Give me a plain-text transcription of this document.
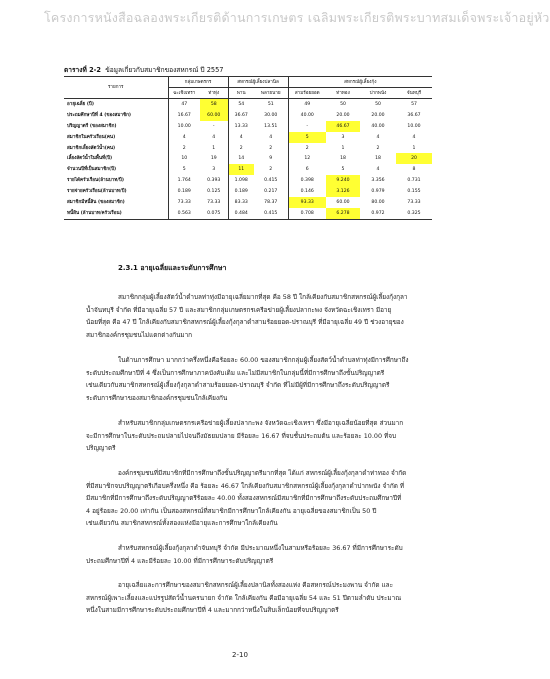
โครงการหนังสือฉลองพระเกียรติด้านการเกษตร เฉลิมพระเกียรติพระบาทสมเด็จพระเจ้าอยู่หัว
ตารางที่ 2-2 ข้อมูลเกี่ยวกับสมาชิกของสหกรณ์ ปี 2557
รายการ	กลุ่มเกษตรกร		สหกรณ์ผู้เลี้ยงปลานิล		สหกรณ์ผู้เลี้ยงกุ้ง			
	ฉะเชิงเทรา	ท่าทุ่ง	พาน	พลายนาย	สามร้อยยอด	ท่าทอง	ปากพนัง	จันทบุรี
อายุเฉลี่ย (ปี)	47	58	54	51	49	50	50	57
ประถมศึกษาปีที่ 4 (ของสมาชิก)	16.67	60.00	36.67	30.00	40.00	20.00	20.00	36.67
ปริญญาตรี (ของสมาชิก)	10.00	-	13.33	13.51	-	46.67	40.00	10.00
สมาชิกในครัวเรือน(คน)	4	4	4	4	5	3	4	4
สมาชิกเลี้ยงสัตว์น้ำ(คน)	2	1	2	2	2	1	2	1
เลี้ยงสัตว์น้ำในพื้นที่(ปี)	10	19	14	9	12	18	18	20
จำนวนปีที่เป็นสมาชิก(ปี)	5	3	11	2	6	5	4	8
รายได้ครัวเรือน(ล้านบาท/ปี)	1.764	0.393	1.098	0.415	0.398	9.240	3.356	0.731
รายจ่ายครัวเรือน(ล้านบาท/ปี)	0.189	0.125	0.189	0.217	0.146	3.126	0.979	0.155
สมาชิกมีหนี้สิน (ของสมาชิก)	73.33	73.33	83.33	78.37	93.33	60.00	80.00	73.33
หนี้สิน (ล้านบาท/ครัวเรือน)	0.563	0.075	0.484	0.415	0.708	6.278	0.972	0.325
2.3.1 อายุเฉลี่ยและระดับการศึกษา
สมาชิกกลุ่มผู้เลี้ยงสัตว์น้ำตำบลท่าทุ่งมีอายุเฉลี่ยมากที่สุด คือ 58 ปี ใกล้เคียงกับสมาชิกสหกรณ์ผู้เลี้ยงกุ้งกุลา
น้ำจันทบุรี จำกัด ที่มีอายุเฉลี่ย 57 ปี และสมาชิกกลุ่มเกษตรกรเครือข่ายผู้เลี้ยงปลากะพง จังหวัดฉะเชิงเทรา มีอายุ
น้อยที่สุด คือ 47 ปี ใกล้เคียงกับสมาชิกสหกรณ์ผู้เลี้ยงกุ้งกุลาดำสามร้อยยอด-ปราณบุรี ที่มีอายุเฉลี่ย 49 ปี ช่วงอายุของ
สมาชิกองค์กรชุมชนไม่แตกต่างกันมาก
ในด้านการศึกษา มากกว่าครึ่งหนึ่งคือร้อยละ 60.00 ของสมาชิกกลุ่มผู้เลี้ยงสัตว์น้ำตำบลท่าทุ่งมีการศึกษาถึง
ระดับประถมศึกษาปีที่ 4 ซึ่งเป็นการศึกษาภาคบังคับเดิม และไม่มีสมาชิกในกลุ่มนี้ที่มีการศึกษาถึงขั้นปริญญาตรี
เช่นเดียวกับสมาชิกสหกรณ์ผู้เลี้ยงกุ้งกุลาดำสามร้อยยอด-ปราณบุรี จำกัด ที่ไม่มีผู้ที่มีการศึกษาถึงระดับปริญญาตรี
ระดับการศึกษาของสมาชิกองค์กรชุมชนใกล้เคียงกัน
สำหรับสมาชิกกลุ่มเกษตรกรเครือข่ายผู้เลี้ยงปลากะพง จังหวัดฉะเชิงเทรา ซึ่งมีอายุเฉลี่ยน้อยที่สุด ส่วนมาก
จะมีการศึกษาในระดับประถมปลายไปจนถึงมัธยมปลาย มีร้อยละ 16.67 ที่จบชั้นประถมต้น และร้อยละ 10.00 ที่จบ
ปริญญาตรี
องค์กรชุมชนที่มีสมาชิกที่มีการศึกษาถึงขั้นปริญญาตรีมากที่สุด ได้แก่ สหกรณ์ผู้เลี้ยงกุ้งกุลาดำท่าทอง จำกัด
ที่มีสมาชิกจบปริญญาตรีเกือบครึ่งหนึ่ง คือ ร้อยละ 46.67 ใกล้เคียงกับสมาชิกสหกรณ์ผู้เลี้ยงกุ้งกุลาดำปากพนัง จำกัด ที่
มีสมาชิกที่มีการศึกษาถึงระดับปริญญาตรีร้อยละ 40.00 ทั้งสองสหกรณ์มีสมาชิกที่มีการศึกษาถึงระดับประถมศึกษาปีที่
4 อยู่ร้อยละ 20.00 เท่ากัน เป็นสองสหกรณ์ที่สมาชิกมีการศึกษาใกล้เคียงกัน อายุเฉลี่ยของสมาชิกเป็น 50 ปี
เช่นเดียวกัน สมาชิกสหกรณ์ทั้งสองแห่งมีอายุและการศึกษาใกล้เคียงกัน
สำหรับสหกรณ์ผู้เลี้ยงกุ้งกุลาดำจันทบุรี จำกัด มีประมาณหนึ่งในสามหรือร้อยละ 36.67 ที่มีการศึกษาระดับ
ประถมศึกษาปีที่ 4 และมีร้อยละ 10.00 ที่มีการศึกษาระดับปริญญาตรี
อายุเฉลี่ยและการศึกษาของสมาชิกสหกรณ์ผู้เลี้ยงปลานิลทั้งสองแห่ง คือสหกรณ์ประมงพาน จำกัด และ
สหกรณ์ผู้เพาะเลี้ยงและแปรรูปสัตว์น้ำนครนายก จำกัด ใกล้เคียงกัน คือมีอายุเฉลี่ย 54 และ 51 ปีตามลำดับ ประมาณ
หนึ่งในสามมีการศึกษาระดับประถมศึกษาปีที่ 4 และมากกว่าหนึ่งในสิบเล็กน้อยที่จบปริญญาตรี
2-10
